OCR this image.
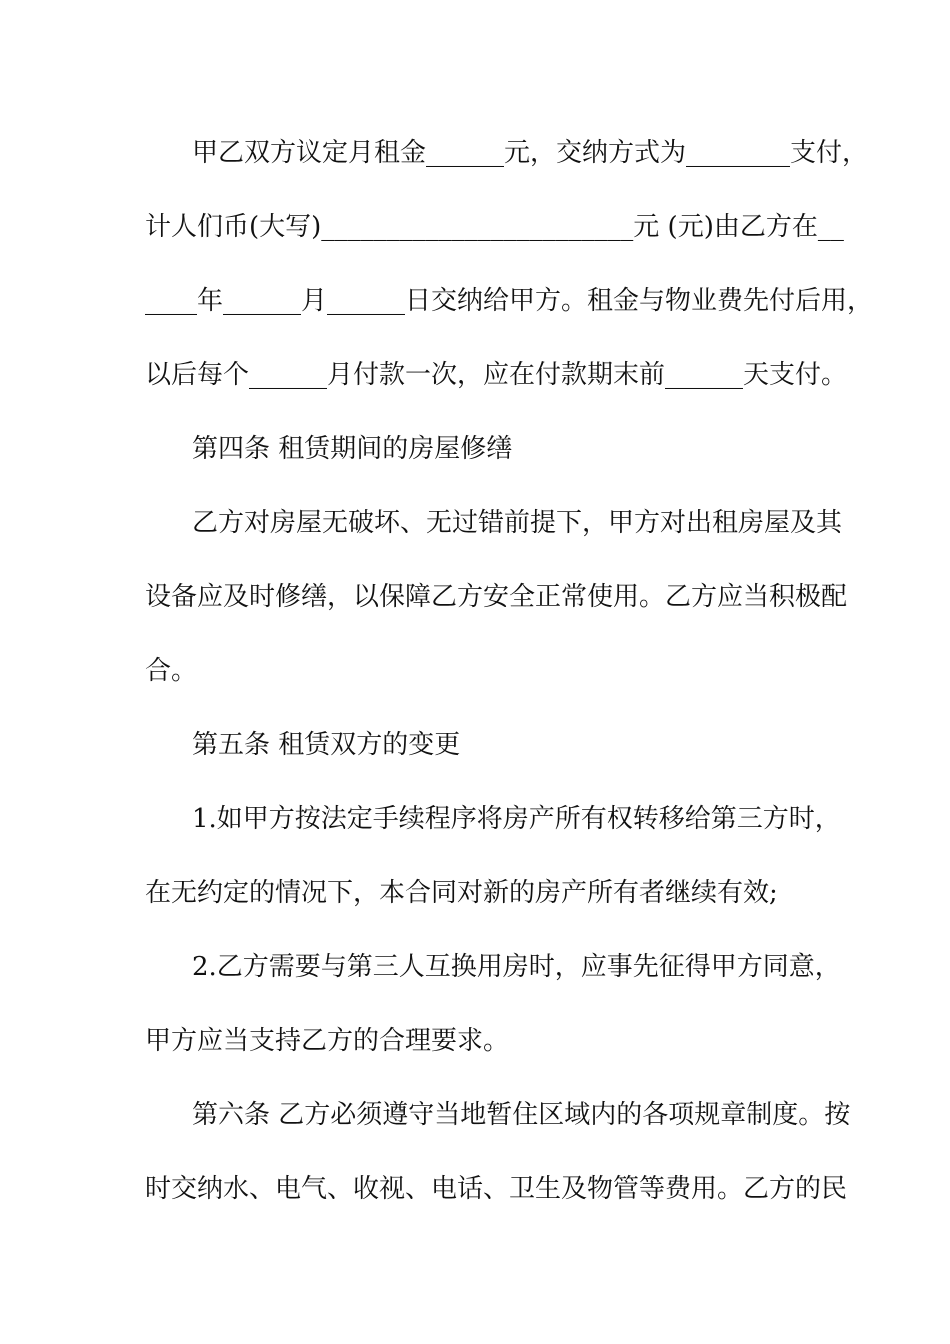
甲乙双方议定月租金______元，交纳方式为________支付，
计人们币(大写)________________________元 (元)由乙方在__
____年______月______日交纳给甲方。租金与物业费先付后用，
以后每个______月付款一次，应在付款期末前______天支付。
第四条 租赁期间的房屋修缮
乙方对房屋无破坏、无过错前提下，甲方对出租房屋及其
设备应及时修缮，以保障乙方安全正常使用。乙方应当积极配
合。
第五条 租赁双方的变更
1.如甲方按法定手续程序将房产所有权转移给第三方时，
在无约定的情况下，本合同对新的房产所有者继续有效;
2.乙方需要与第三人互换用房时，应事先征得甲方同意，
甲方应当支持乙方的合理要求。
第六条 乙方必须遵守当地暂住区域内的各项规章制度。按
时交纳水、电气、收视、电话、卫生及物管等费用。乙方的民
